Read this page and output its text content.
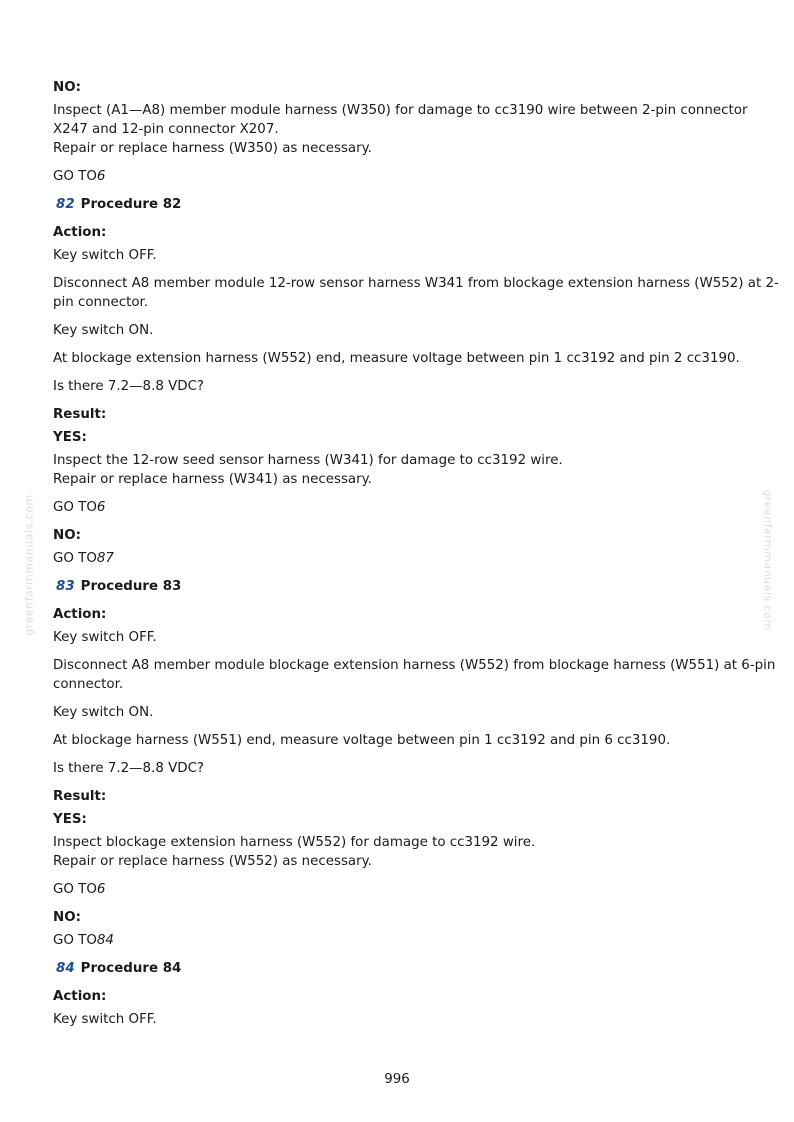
greenfarmmanuals.com	greenfarmmanuals.com
NO:
Inspect (A1—A8) member module harness (W350) for damage to cc3190 wire between 2-pin connector
X247 and 12-pin connector X207.
Repair or replace harness (W350) as necessary.
GO TO6
82 Procedure 82
Action:
Key switch OFF.
Disconnect A8 member module 12-row sensor harness W341 from blockage extension harness (W552) at 2-
pin connector.
Key switch ON.
At blockage extension harness (W552) end, measure voltage between pin 1 cc3192 and pin 2 cc3190.
Is there 7.2—8.8 VDC?
Result:
YES:
Inspect the 12-row seed sensor harness (W341) for damage to cc3192 wire.
Repair or replace harness (W341) as necessary.
GO TO6
NO:
GO TO87
83 Procedure 83
Action:
Key switch OFF.
Disconnect A8 member module blockage extension harness (W552) from blockage harness (W551) at 6-pin
connector.
Key switch ON.
At blockage harness (W551) end, measure voltage between pin 1 cc3192 and pin 6 cc3190.
Is there 7.2—8.8 VDC?
Result:
YES:
Inspect blockage extension harness (W552) for damage to cc3192 wire.
Repair or replace harness (W552) as necessary.
GO TO6
NO:
GO TO84
84 Procedure 84
Action:
Key switch OFF.
996
